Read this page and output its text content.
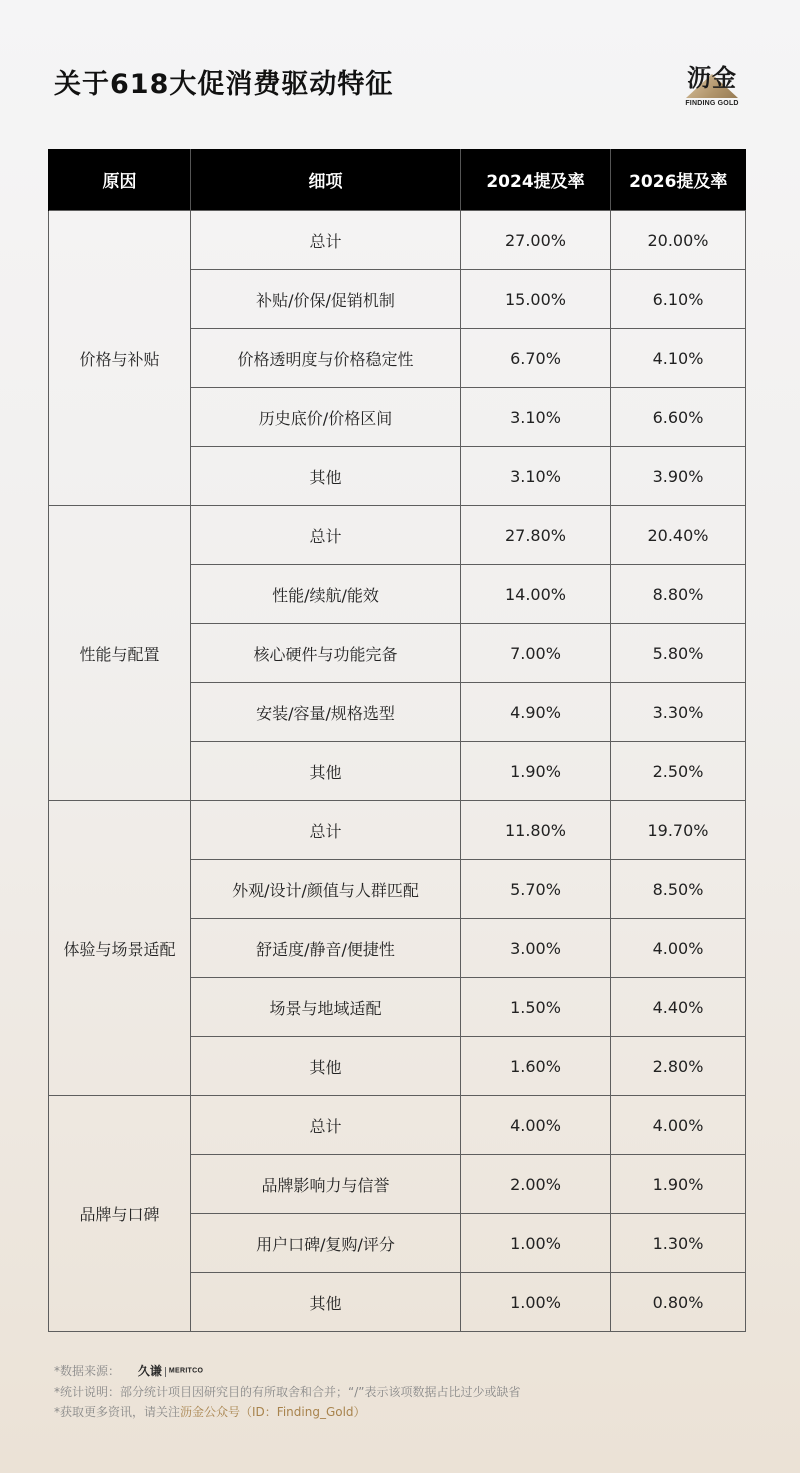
关于618大促消费驱动特征	沥金
FINDING GOLD
原因	细项	2024提及率	2026提及率
价格与补贴	总计	27.00%	20.00%
	补贴/价保/促销机制	15.00%	6.10%
	价格透明度与价格稳定性	6.70%	4.10%
	历史底价/价格区间	3.10%	6.60%
	其他	3.10%	3.90%
性能与配置	总计	27.80%	20.40%
	性能/续航/能效	14.00%	8.80%
	核心硬件与功能完备	7.00%	5.80%
	安装/容量/规格选型	4.90%	3.30%
	其他	1.90%	2.50%
体验与场景适配	总计	11.80%	19.70%
	外观/设计/颜值与人群匹配	5.70%	8.50%
	舒适度/静音/便捷性	3.00%	4.00%
	场景与地域适配	1.50%	4.40%
	其他	1.60%	2.80%
品牌与口碑	总计	4.00%	4.00%
	品牌影响力与信誉	2.00%	1.90%
	用户口碑/复购/评分	1.00%	1.30%
	其他	1.00%	0.80%
*数据来源： 久谦 MERITCO
*统计说明：部分统计项目因研究目的有所取舍和合并；“/”表示该项数据占比过少或缺省
*获取更多资讯，请关注沥金公众号（ID：Finding_Gold）
